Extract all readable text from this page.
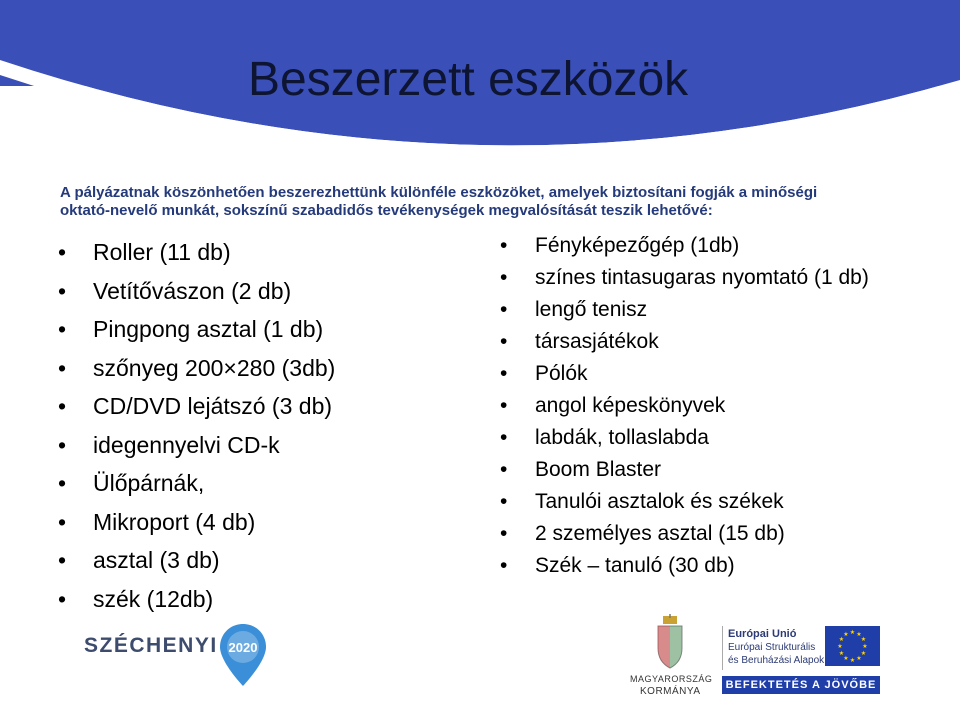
Beszerzett eszközök

A pályázatnak köszönhetően beszerezhettünk különféle eszközöket, amelyek biztosítani fogják a minőségi oktató-nevelő munkát, sokszínű szabadidős tevékenységek megvalósítását teszik lehetővé:

• Roller (11 db)
• Vetítővászon (2 db)
• Pingpong asztal (1 db)
• szőnyeg 200×280 (3db)
• CD/DVD lejátszó (3 db)
• idegennyelvi CD-k
• Ülőpárnák,
• Mikroport (4 db)
• asztal (3 db)
• szék (12db)
• Fényképezőgép (1db)
• színes tintasugaras nyomtató (1 db)
• lengő tenisz
• társasjátékok
• Pólók
• angol képeskönyvek
• labdák, tollaslabda
• Boom Blaster
• Tanulói asztalok és székek
• 2 személyes asztal (15 db)
• Szék – tanuló (30 db)
SZÉCHENYI 2020
MAGYARORSZÁG
KORMÁNYA
Európai Unió
Európai Strukturális
és Beruházási Alapok
★ ★
★
★
★
★
★
★
★
★
★
★
BEFEKTETÉS A JÖVŐBE
